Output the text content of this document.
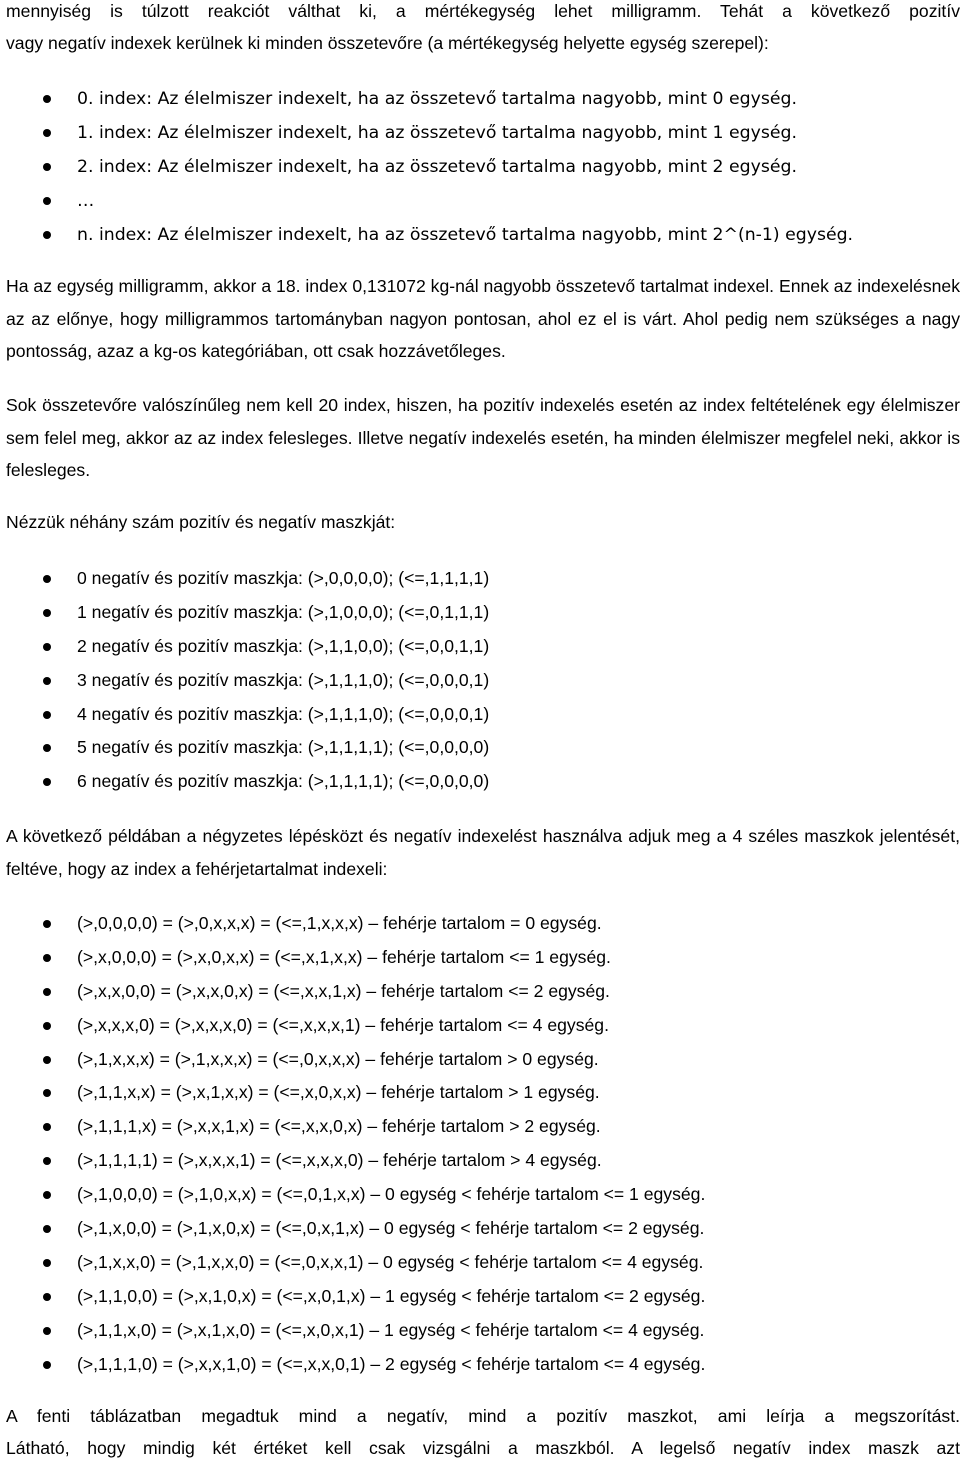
mennyiség is túlzott reakciót válthat ki, a mértékegység lehet milligramm. Tehát a következő pozitív

vagy negatív indexek kerülnek ki minden összetevőre (a mértékegység helyette egység szerepel):

0. index: Az élelmiszer indexelt, ha az összetevő tartalma nagyobb, mint 0 egység.
1. index: Az élelmiszer indexelt, ha az összetevő tartalma nagyobb, mint 1 egység.
2. index: Az élelmiszer indexelt, ha az összetevő tartalma nagyobb, mint 2 egység.
…
n. index: Az élelmiszer indexelt, ha az összetevő tartalma nagyobb, mint 2^(n-1) egység.

Ha az egység milligramm, akkor a 18. index 0,131072 kg-nál nagyobb összetevő tartalmat indexel. Ennek az indexelésnek az az előnye, hogy milligrammos tartományban nagyon pontosan, ahol ez el is várt. Ahol pedig nem szükséges a nagy pontosság, azaz a kg-os kategóriában, ott csak hozzávetőleges.

Sok összetevőre valószínűleg nem kell 20 index, hiszen, ha pozitív indexelés esetén az index feltételének egy élelmiszer sem felel meg, akkor az az index felesleges. Illetve negatív indexelés esetén, ha minden élelmiszer megfelel neki, akkor is felesleges.

Nézzük néhány szám pozitív és negatív maszkját:

0 negatív és pozitív maszkja: (>,0,0,0,0); (<=,1,1,1,1)
1 negatív és pozitív maszkja: (>,1,0,0,0); (<=,0,1,1,1)
2 negatív és pozitív maszkja: (>,1,1,0,0); (<=,0,0,1,1)
3 negatív és pozitív maszkja: (>,1,1,1,0); (<=,0,0,0,1)
4 negatív és pozitív maszkja: (>,1,1,1,0); (<=,0,0,0,1)
5 negatív és pozitív maszkja: (>,1,1,1,1); (<=,0,0,0,0)
6 negatív és pozitív maszkja: (>,1,1,1,1); (<=,0,0,0,0)

A következő példában a négyzetes lépésközt és negatív indexelést használva adjuk meg a 4 széles maszkok jelentését, feltéve, hogy az index a fehérjetartalmat indexeli:

(>,0,0,0,0) = (>,0,x,x,x) = (<=,1,x,x,x) – fehérje tartalom = 0 egység.
(>,x,0,0,0) = (>,x,0,x,x) = (<=,x,1,x,x) – fehérje tartalom <= 1 egység.
(>,x,x,0,0) = (>,x,x,0,x) = (<=,x,x,1,x) – fehérje tartalom <= 2 egység.
(>,x,x,x,0) = (>,x,x,x,0) = (<=,x,x,x,1) – fehérje tartalom <= 4 egység.
(>,1,x,x,x) = (>,1,x,x,x) = (<=,0,x,x,x) – fehérje tartalom > 0 egység.
(>,1,1,x,x) = (>,x,1,x,x) = (<=,x,0,x,x) – fehérje tartalom > 1 egység.
(>,1,1,1,x) = (>,x,x,1,x) = (<=,x,x,0,x) – fehérje tartalom > 2 egység.
(>,1,1,1,1) = (>,x,x,x,1) = (<=,x,x,x,0) – fehérje tartalom > 4 egység.
(>,1,0,0,0) = (>,1,0,x,x) = (<=,0,1,x,x) – 0 egység < fehérje tartalom <= 1 egység.
(>,1,x,0,0) = (>,1,x,0,x) = (<=,0,x,1,x) – 0 egység < fehérje tartalom <= 2 egység.
(>,1,x,x,0) = (>,1,x,x,0) = (<=,0,x,x,1) – 0 egység < fehérje tartalom <= 4 egység.
(>,1,1,0,0) = (>,x,1,0,x) = (<=,x,0,1,x) – 1 egység < fehérje tartalom <= 2 egység.
(>,1,1,x,0) = (>,x,1,x,0) = (<=,x,0,x,1) – 1 egység < fehérje tartalom <= 4 egység.
(>,1,1,1,0) = (>,x,x,1,0) = (<=,x,x,0,1) – 2 egység < fehérje tartalom <= 4 egység.

A fenti táblázatban megadtuk mind a negatív, mind a pozitív maszkot, ami leírja a megszorítást.

Látható, hogy mindig két értéket kell csak vizsgálni a maszkból. A legelső negatív index maszk azt
